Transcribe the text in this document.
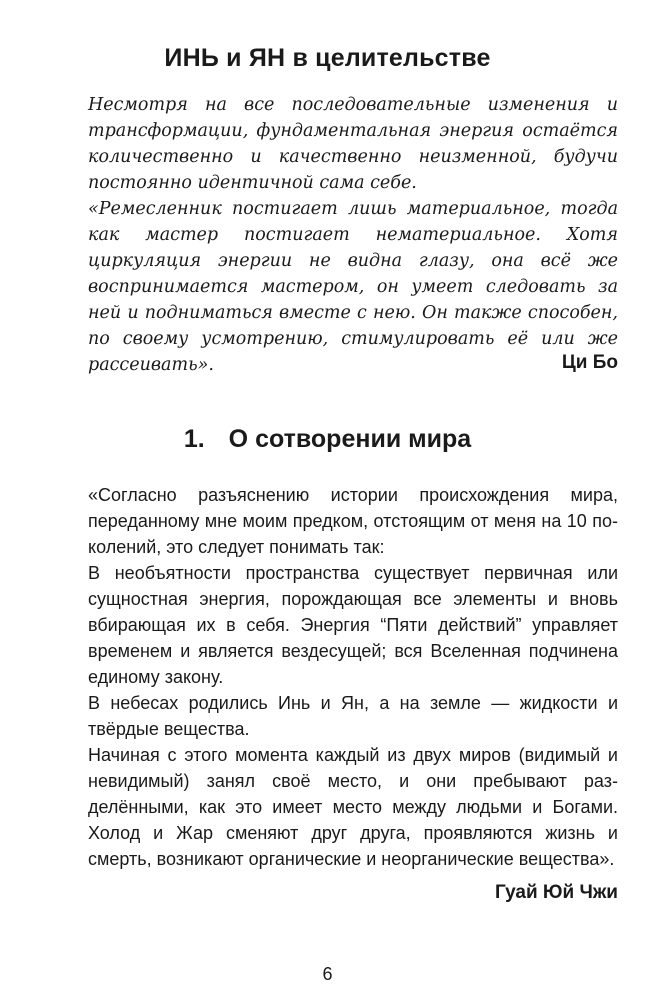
ИНЬ и ЯН в целительстве

Несмотря на все последовательные изменения и трансформации, фундаментальная энергия остаётся количественно и качественно неизменной, будучи постоянно идентичной сама себе.

«Ремесленник постигает лишь материальное, тогда как мастер постигает нематериальное. Хотя циркуляция энергии не видна глазу, она всё же воспринимается мастером, он умеет следовать за ней и подниматься вместе с нею. Он также способен, по своему усмотрению, стимулировать её или же рассеивать».	Ци Бо
1. О сотворении мира

«Согласно разъяснению истории происхождения мира, переданному мне моим предком, отстоящим от меня на 10 поколений, это следует понимать так:

В необъятности пространства существует первичная или сущностная энергия, порождающая все элементы и вновь вбирающая их в себя. Энергия “Пяти действий” управляет временем и является вездесущей; вся Вселенная подчинена единому закону.

В небесах родились Инь и Ян, а на земле — жидкости и твёрдые вещества.

Начиная с этого момента каждый из двух миров (видимый и невидимый) занял своё место, и они пребывают разделёнными, как это имеет место между людьми и Богами. Холод и Жар сменяют друг друга, проявляются жизнь и смерть, возникают органические и неорганические вещества».

Гуай Юй Чжи
6
